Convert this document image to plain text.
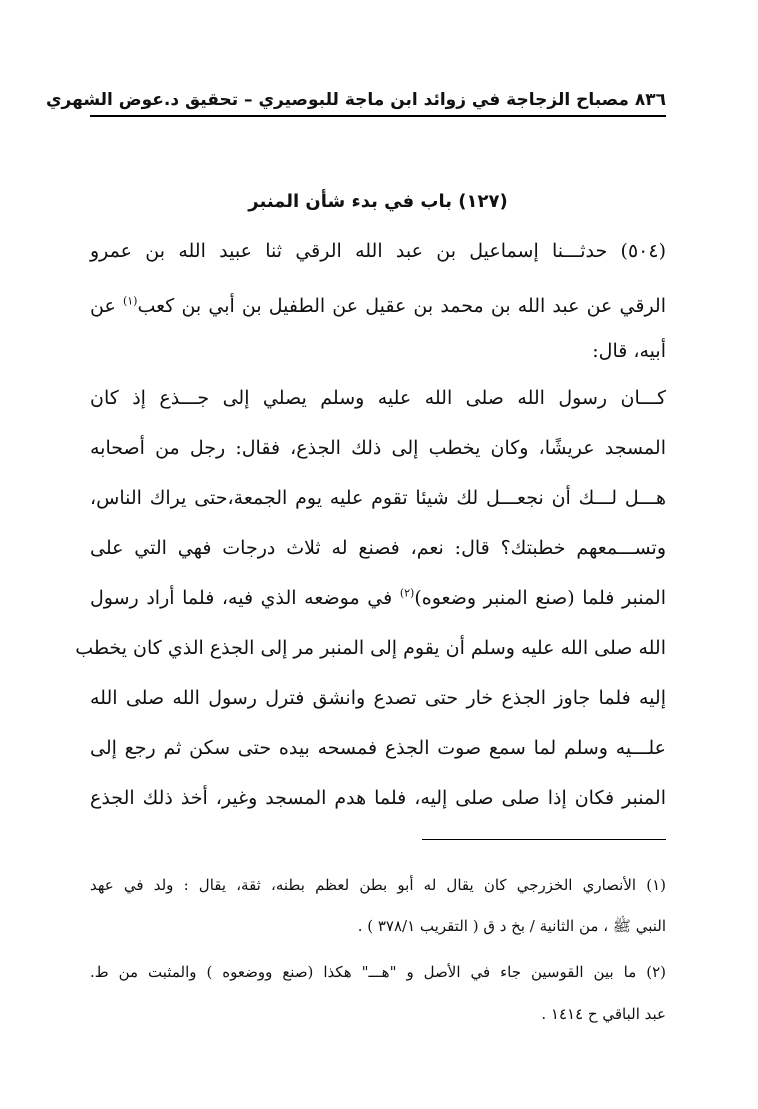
٨٣٦ مصباح الزجاجة في زوائد ابن ماجة للبوصيري – تحقيق د.عوض الشهري
(١٢٧) باب في بدء شأن المنبر
(٥٠٤) حدثـــنا إسماعيل بن عبد الله الرقي ثنا عبيد الله بن عمرو
الرقي عن عبد الله بن محمد بن عقيل عن الطفيل بن أبي بن كعب$^{(١)}$ عن
أبيه، قال:
كـــان رسول الله صلى الله عليه وسلم يصلي إلى جـــذع إذ كان
المسجد عريشًا، وكان يخطب إلى ذلك الجذع، فقال: رجل من أصحابه
هـــل لـــك أن نجعـــل لك شيئا تقوم عليه يوم الجمعة،حتى يراك الناس،
وتســـمعهم خطبتك؟ قال: نعم، فصنع له ثلاث درجات فهي التي على
المنبر فلما (صنع المنبر وضعوه)$^{(٢)}$ في موضعه الذي فيه، فلما أراد رسول
الله صلى الله عليه وسلم أن يقوم إلى المنبر مر إلى الجذع الذي كان يخطب
إليه فلما جاوز الجذع خار حتى تصدع وانشق فترل رسول الله صلى الله
علـــيه وسلم لما سمع صوت الجذع فمسحه بيده حتى سكن ثم رجع إلى
المنبر فكان إذا صلى صلى إليه، فلما هدم المسجد وغير، أخذ ذلك الجذع
(١) الأنصاري الخزرجي كان يقال له أبو بطن لعظم بطنه، ثقة، يقال : ولد في عهد
النبي ﷺ ، من الثانية / بخ د ق ( التقريب ٣٧٨/١ ) .
(٢) ما بين القوسين جاء في الأصل و "هـــ" هكذا (صنع ووضعوه ) والمثبت من ط.
عبد الباقي ح ١٤١٤ .
